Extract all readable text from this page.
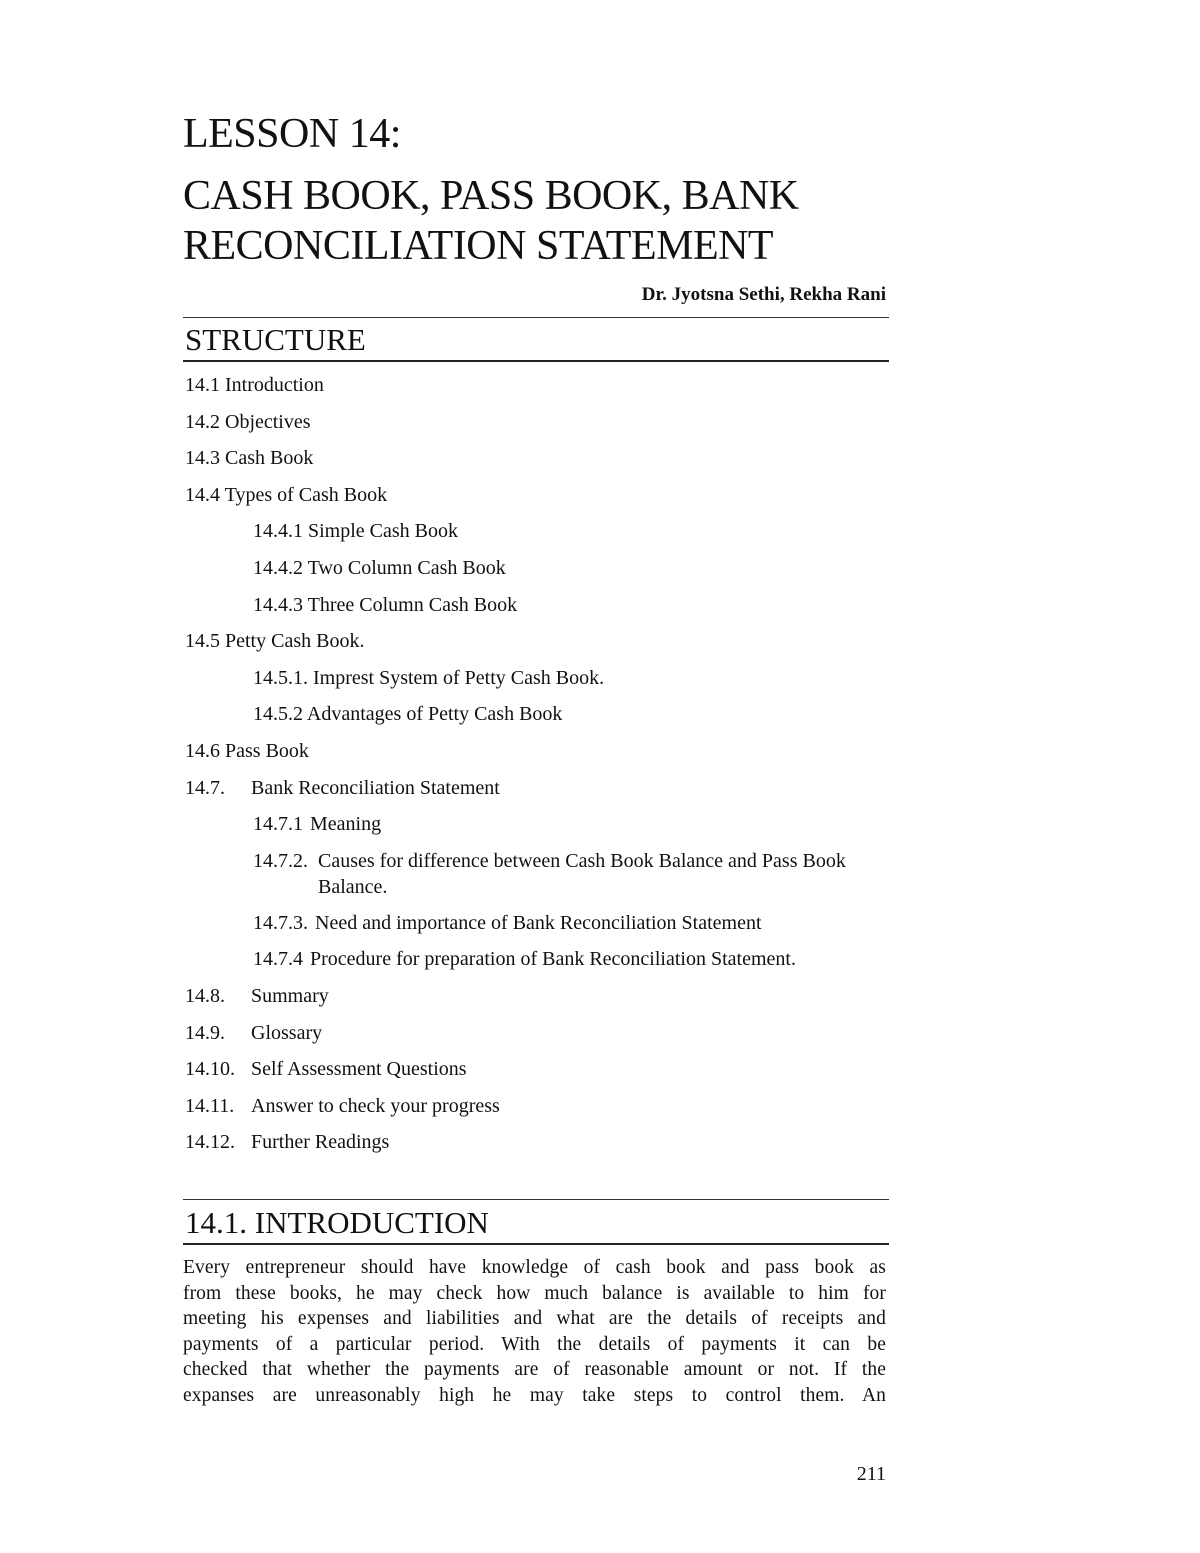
LESSON 14:
CASH BOOK, PASS BOOK, BANK
RECONCILIATION STATEMENT
Dr. Jyotsna Sethi, Rekha Rani
STRUCTURE
14.1 Introduction
14.2 Objectives
14.3 Cash Book
14.4 Types of Cash Book
14.4.1 Simple Cash Book
14.4.2 Two Column Cash Book
14.4.3 Three Column Cash Book
14.5 Petty Cash Book.
14.5.1. Imprest System of Petty Cash Book.
14.5.2 Advantages of Petty Cash Book
14.6 Pass Book
14.7. Bank Reconciliation Statement
14.7.1 Meaning
14.7.2. Causes for difference between Cash Book Balance and Pass Book Balance.
14.7.3. Need and importance of Bank Reconciliation Statement
14.7.4 Procedure for preparation of Bank Reconciliation Statement.
14.8. Summary
14.9. Glossary
14.10. Self Assessment Questions
14.11. Answer to check your progress
14.12. Further Readings
14.1. INTRODUCTION
Every entrepreneur should have knowledge of cash book and pass book as
from these books, he may check how much balance is available to him for
meeting his expenses and liabilities and what are the details of receipts and
payments of a particular period. With the details of payments it can be
checked that whether the payments are of reasonable amount or not. If the
expanses are unreasonably high he may take steps to control them. An
211
